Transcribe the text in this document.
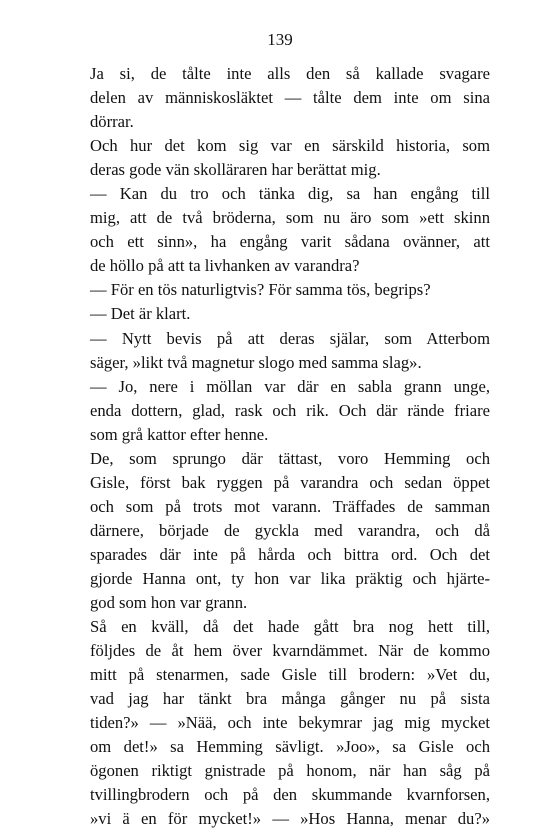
139
Ja si, de tålte inte alls den så kallade svagare
delen av människosläktet — tålte dem inte om sina
dörrar.
Och hur det kom sig var en särskild historia, som
deras gode vän skolläraren har berättat mig.
— Kan du tro och tänka dig, sa han engång till
mig, att de två bröderna, som nu äro som »ett skinn
och ett sinn», ha engång varit sådana ovänner, att
de höllo på att ta livhanken av varandra?
— För en tös naturligtvis? För samma tös, begrips?
— Det är klart.
— Nytt bevis på att deras själar, som Atterbom
säger, »likt två magnetur slogo med samma slag».
— Jo, nere i möllan var där en sabla grann unge,
enda dottern, glad, rask och rik. Och där rände friare
som grå kattor efter henne.
De, som sprungo där tättast, voro Hemming och
Gisle, först bak ryggen på varandra och sedan öppet
och som på trots mot varann. Träffades de samman
därnere, började de gyckla med varandra, och då
sparades där inte på hårda och bittra ord. Och det
gjorde Hanna ont, ty hon var lika präktig och hjärte-
god som hon var grann.
Så en kväll, då det hade gått bra nog hett till,
följdes de åt hem över kvarndämmet. När de kommo
mitt på stenarmen, sade Gisle till brodern: »Vet du,
vad jag har tänkt bra många gånger nu på sista
tiden?» — »Nää, och inte bekymrar jag mig mycket
om det!» sa Hemming sävligt. »Joo», sa Gisle och
ögonen riktigt gnistrade på honom, när han såg på
tvillingbrodern och på den skummande kvarnforsen,
»vi ä en för mycket!» — »Hos Hanna, menar du?»
